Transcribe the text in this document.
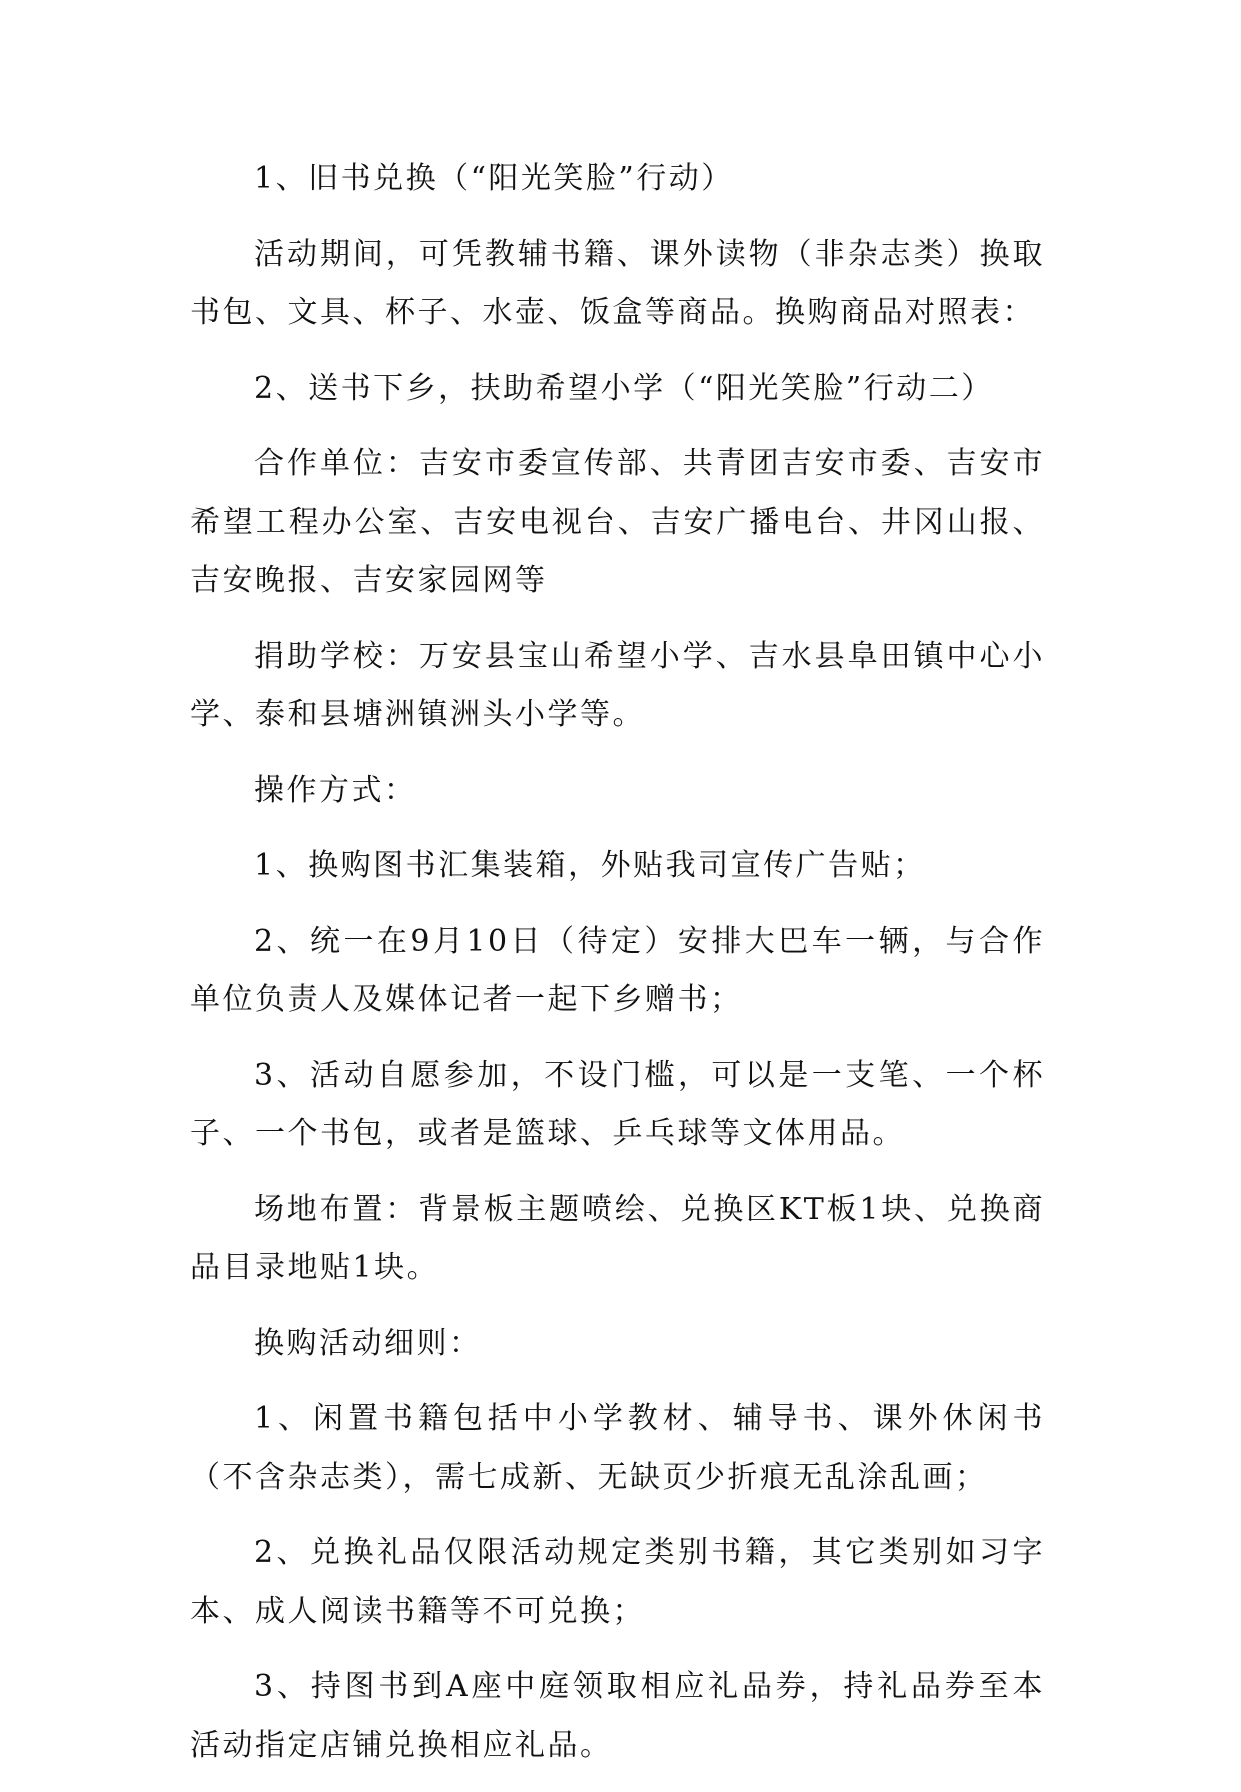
1、旧书兑换（“阳光笑脸”行动）

活动期间，可凭教辅书籍、课外读物（非杂志类）换取书包、文具、杯子、水壶、饭盒等商品。换购商品对照表：

2、送书下乡，扶助希望小学（“阳光笑脸”行动二）

合作单位：吉安市委宣传部、共青团吉安市委、吉安市希望工程办公室、吉安电视台、吉安广播电台、井冈山报、吉安晚报、吉安家园网等

捐助学校：万安县宝山希望小学、吉水县阜田镇中心小学、泰和县塘洲镇洲头小学等。

操作方式：

1、换购图书汇集装箱，外贴我司宣传广告贴；

2、统一在9月10日（待定）安排大巴车一辆，与合作单位负责人及媒体记者一起下乡赠书；

3、活动自愿参加，不设门槛，可以是一支笔、一个杯子、一个书包，或者是篮球、乒乓球等文体用品。

场地布置：背景板主题喷绘、兑换区KT板1块、兑换商品目录地贴1块。

换购活动细则：

1、闲置书籍包括中小学教材、辅导书、课外休闲书（不含杂志类），需七成新、无缺页少折痕无乱涂乱画；

2、兑换礼品仅限活动规定类别书籍，其它类别如习字本、成人阅读书籍等不可兑换；

3、持图书到A座中庭领取相应礼品券，持礼品券至本活动指定店铺兑换相应礼品。
